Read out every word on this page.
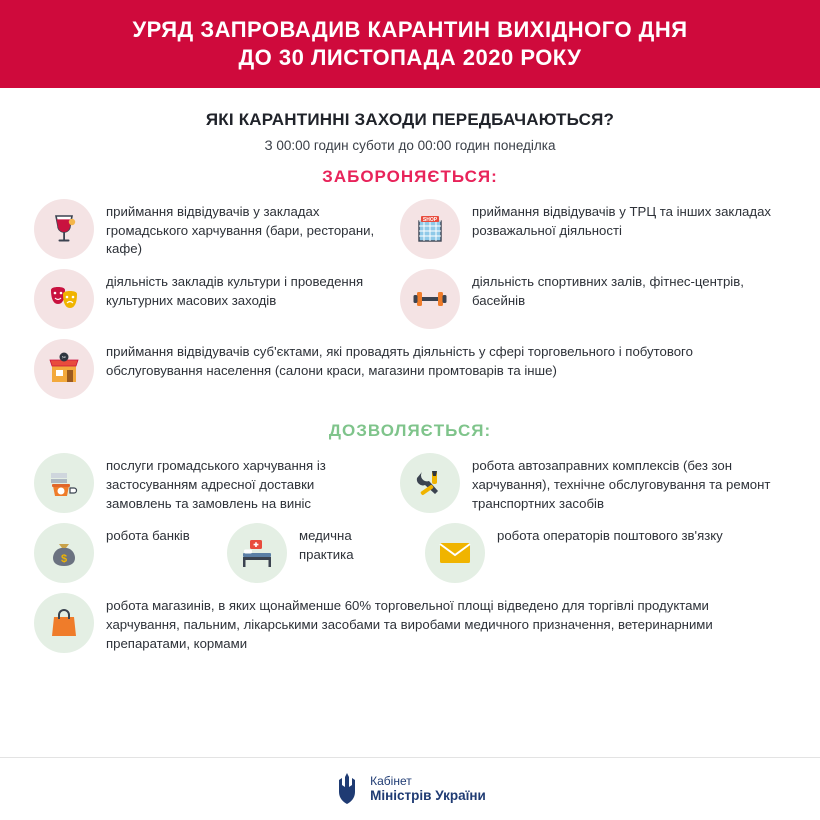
УРЯД ЗАПРОВАДИВ КАРАНТИН ВИХІДНОГО ДНЯ
ДО 30 ЛИСТОПАДА 2020 РОКУ

ЯКІ КАРАНТИННІ ЗАХОДИ ПЕРЕДБАЧАЮТЬСЯ?

З 00:00 годин суботи до 00:00 годин понеділка

ЗАБОРОНЯЄТЬСЯ:
приймання відвідувачів у закладах громадського харчування (бари, ресторани, кафе)
SHOP
приймання відвідувачів у ТРЦ та інших закладах розважальної діяльності
діяльність закладів культури і проведення культурних масових заходів
діяльність спортивних залів, фітнес-центрів, басейнів
✂	приймання відвідувачів суб'єктами, які провадять діяльність у сфері торговельного і побутового обслуговування населення (салони краси, магазини промтоварів та інше)
ДОЗВОЛЯЄТЬСЯ:
послуги громадського харчування із застосуванням адресної доставки замовлень та замовлень на виніс
робота автозаправних комплексів (без зон харчування), технічне обслуговування та ремонт транспортних засобів
$
робота банків	медична практика
робота операторів поштового зв'язку
робота магазинів, в яких щонайменше 60% торговельної площі відведено для торгівлі продуктами харчування, пальним, лікарськими засобами та виробами медичного призначення, ветеринарними препаратами, кормами
Кабінет
Міністрів України
